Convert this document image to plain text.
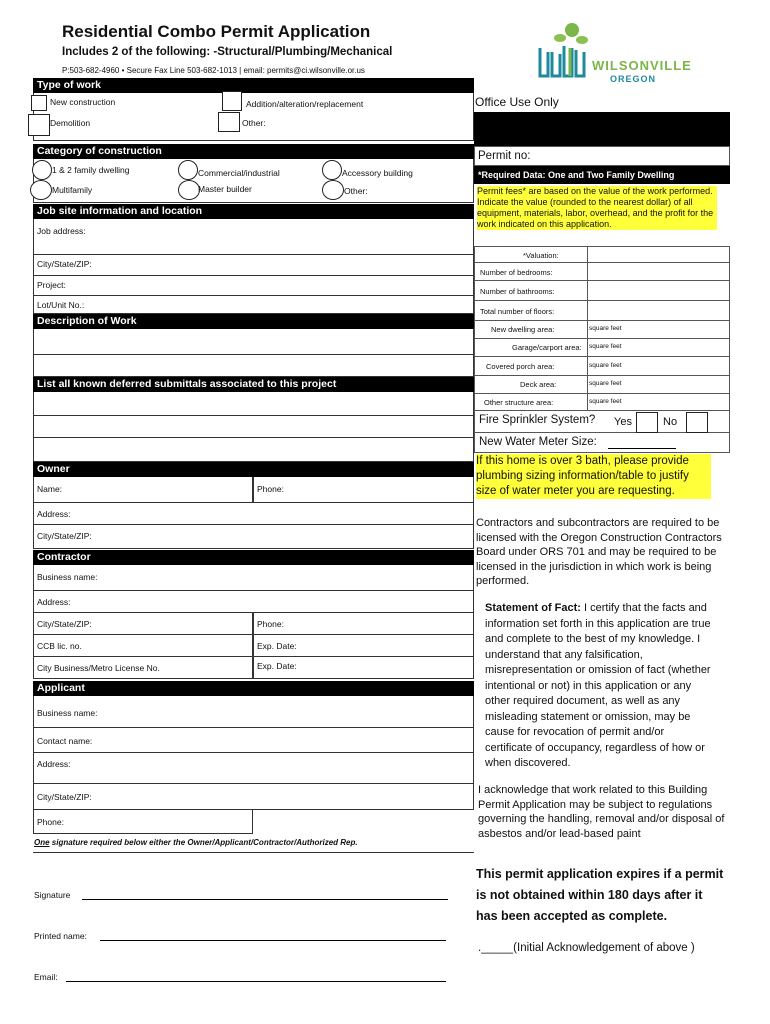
Residential Combo Permit Application
Includes 2 of the following: -Structural/Plumbing/Mechanical
P:503-682-4960 • Secure Fax Line 503-682-1013 | email: permits@ci.wilsonville.or.us	WILSONVILLE
OREGON
Type of work
New construction	Addition/alteration/replacement
Demolition	Other:
Category of construction
1 & 2 family dwelling	Commercial/industrial	Accessory building
Multifamily	Master builder	Other:
Job site information and location
Job address:
City/State/ZIP:
Project:
Lot/Unit No.:
Description of Work
List all known deferred submittals associated to this project
Owner
Name:	Phone:
Address:
City/State/ZIP:
Contractor
Business name:
Address:
City/State/ZIP:	Phone:
CCB lic. no.	Exp. Date:
City Business/Metro License No.	Exp. Date:
Applicant
Business name:
Contact name:
Address:
City/State/ZIP:
Phone:
One signature required below either the Owner/Applicant/Contractor/Authorized Rep.
Signature
Printed name:
Email:
Office Use Only
Permit no:
*Required Data: One and Two Family Dwelling
Permit fees* are based on the value of the work performed. Indicate the value (rounded to the nearest dollar) of all equipment, materials, labor, overhead, and the profit for the work indicated on this application.
*Valuation:
Number of bedrooms:
Number of bathrooms:
Total number of floors:
New dwelling area:	square feet
Garage/carport area: square feet
Covered porch area:	square feet
Deck area:	square feet
Other structure area:	square feet
Fire Sprinkler System? Yes	No
New Water Meter Size:
If this home is over 3 bath, please provide plumbing sizing information/table to justify size of water meter you are requesting.
Contractors and subcontractors are required to be licensed with the Oregon Construction Contractors Board under ORS 701 and may be required to be licensed in the jurisdiction in which work is being performed.
Statement of Fact: I certify that the facts and information set forth in this application are true and complete to the best of my knowledge. I understand that any falsification, misrepresentation or omission of fact (whether intentional or not) in this application or any other required document, as well as any misleading statement or omission, may be cause for revocation of permit and/or certificate of occupancy, regardless of how or when discovered.
I acknowledge that work related to this Building Permit Application may be subject to regulations governing the handling, removal and/or disposal of asbestos and/or lead-based paint
This permit application expires if a permit is not obtained within 180 days after it has been accepted as complete.
._____(Initial Acknowledgement of above )
